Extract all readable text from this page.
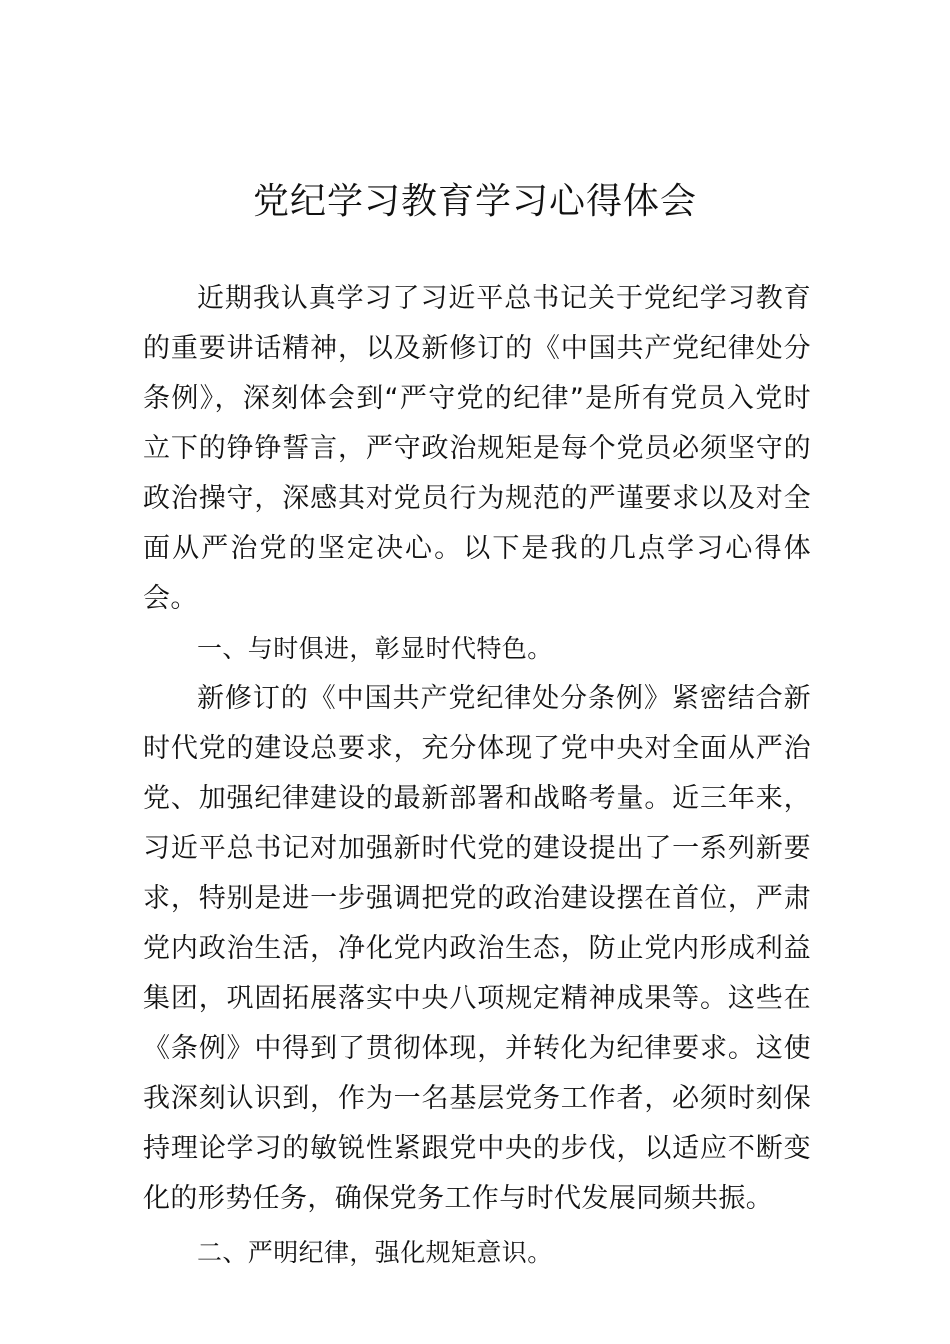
党纪学习教育学习心得体会

近期我认真学习了习近平总书记关于党纪学习教育的重要讲话精神，以及新修订的《中国共产党纪律处分条例》，深刻体会到“严守党的纪律”是所有党员入党时立下的铮铮誓言，严守政治规矩是每个党员必须坚守的政治操守，深感其对党员行为规范的严谨要求以及对全面从严治党的坚定决心。以下是我的几点学习心得体会。

一、与时俱进，彰显时代特色。

新修订的《中国共产党纪律处分条例》紧密结合新时代党的建设总要求，充分体现了党中央对全面从严治党、加强纪律建设的最新部署和战略考量。近三年来，习近平总书记对加强新时代党的建设提出了一系列新要求，特别是进一步强调把党的政治建设摆在首位，严肃党内政治生活，净化党内政治生态，防止党内形成利益集团，巩固拓展落实中央八项规定精神成果等。这些在《条例》中得到了贯彻体现，并转化为纪律要求。这使我深刻认识到，作为一名基层党务工作者，必须时刻保持理论学习的敏锐性紧跟党中央的步伐，以适应不断变化的形势任务，确保党务工作与时代发展同频共振。

二、严明纪律，强化规矩意识。
